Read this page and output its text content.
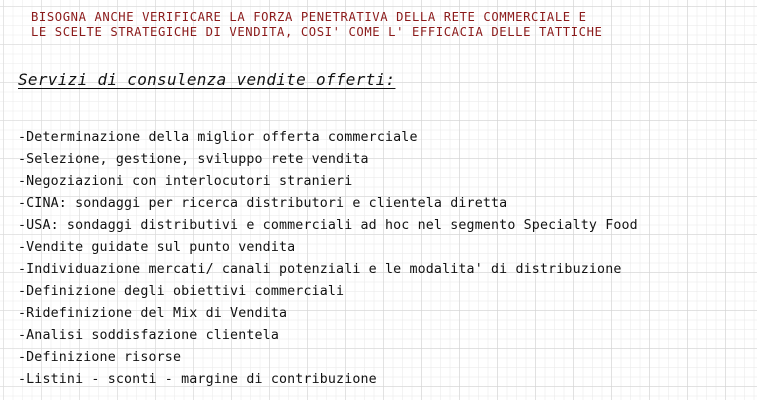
BISOGNA ANCHE VERIFICARE LA FORZA PENETRATIVA DELLA RETE COMMERCIALE E
LE SCELTE STRATEGICHE DI VENDITA, COSI' COME L' EFFICACIA DELLE TATTICHE
Servizi di consulenza vendite offerti:
-Determinazione della miglior offerta commerciale
-Selezione, gestione, sviluppo rete vendita
-Negoziazioni con interlocutori stranieri
-CINA: sondaggi per ricerca distributori e clientela diretta
-USA: sondaggi distributivi e commerciali ad hoc nel segmento Specialty Food
-Vendite guidate sul punto vendita
-Individuazione mercati/ canali potenziali e le modalita' di distribuzione
-Definizione degli obiettivi commerciali
-Ridefinizione del Mix di Vendita
-Analisi soddisfazione clientela
-Definizione risorse
-Listini - sconti - margine di contribuzione
